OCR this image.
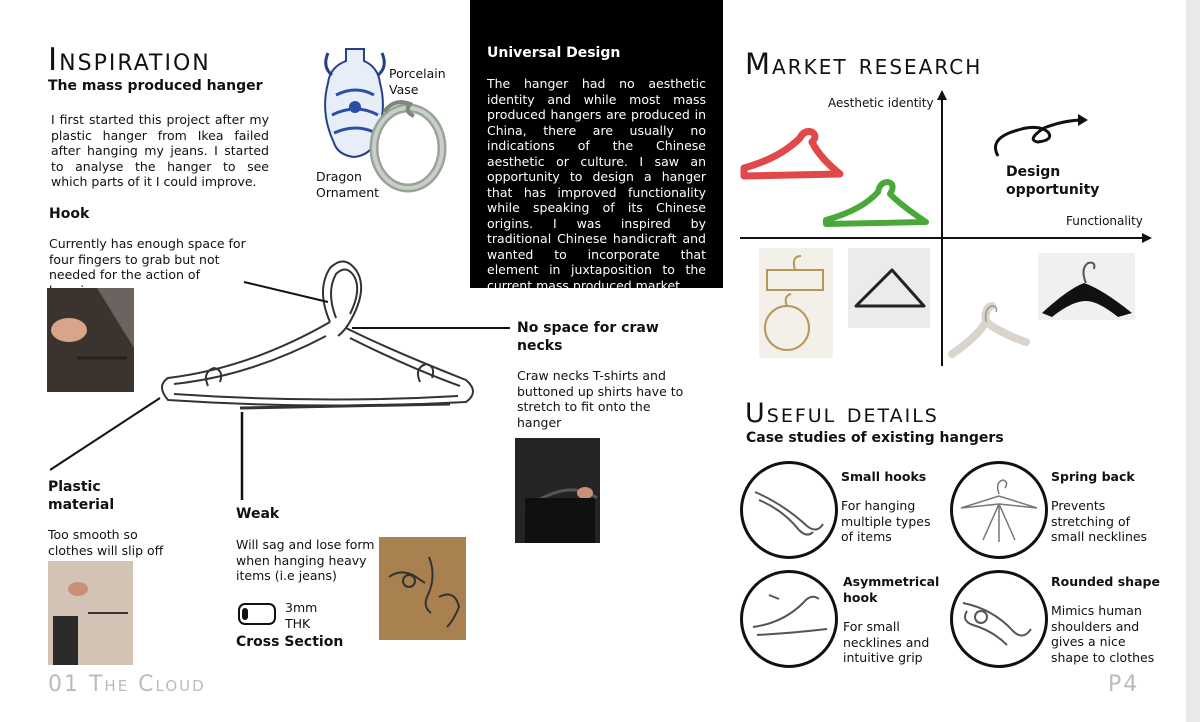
Inspiration
The mass produced hanger
I first started this project after my plastic hanger from Ikea failed after hanging my jeans. I started to analyse the hanger to see which parts of it I could improve.
Porcelain Vase
Dragon Ornament
Universal Design
The hanger had no aesthetic identity and while most mass produced hangers are produced in China, there are usually no indications of the Chinese aesthetic or culture. I saw an opportunity to design a hanger that has improved functionality while speaking of its Chinese origins. I was inspired by traditional Chinese handicraft and wanted to incorporate that element in juxtaposition to the current mass produced market.
Hook
Currently has enough space for four fingers to grab but not needed for the action of
No space for craw necks
Craw necks T-shirts and buttoned up shirts have to stretch to fit onto the hanger
Plastic material
Too smooth so clothes will slip off
Weak
Will sag and lose form when hanging heavy items (i.e jeans)
3mm THK
Cross Section
Market research
Aesthetic identity
Functionality
Design opportunity
Useful details
Case studies of existing hangers
Small hooks
For hanging multiple types of items
Spring back
Prevents stretching of small necklines
Asymmetrical hook
For small necklines and intuitive grip
Rounded shape
Mimics human shoulders and gives a nice shape to clothes
01 The Cloud	P4
